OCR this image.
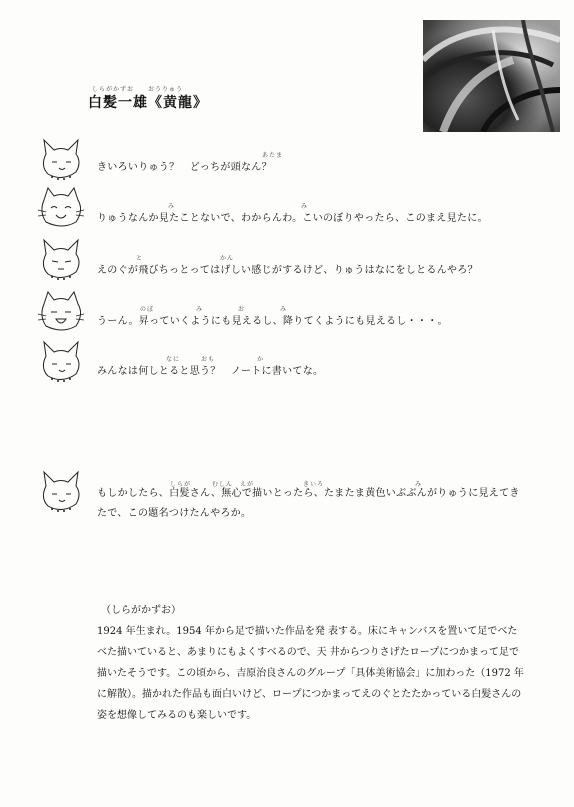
しらがかずお　　おうりゅう
白髪一雄《黄龍》
あたま
きいろいりゅう？　どっちが頭なん？
み　　　　　　　　　　　　　　　　　　み
りゅうなんか見たことないで、わからんわ。こいのぼりやったら、このまえ見たに。
と　　　　　　　　　　　かん
えのぐが飛びちっとってはげしい感じがするけど、りゅうはなにをしとるんやろ？
のぼ　　　　　　み　　　　　お　　　　　み
うーん。昇っていくようにも見えるし、降りてくようにも見えるし・・・。
なに　　　おも　　　　　　か
みんなは何しとると思う？　ノートに書いてな。
しらが　　　むしん　えが　　　　　　　きいろ　　　　　　　　　　　　　み
もしかしたら、白髪さん、無心で描いとったら、たまたま黄色いぶぶんがりゅうに見えてきたで、この題名つけたんやろか。
（しらがかずお）
1924 年生まれ。1954 年から足で描いた作品を発 表する。床にキャンバスを置いて足でべたべた描いていると、あまりにもよくすべるので、天 井からつりさげたロープにつかまって足で描いたそうです。この頃から、吉原治良さんのグループ「具体美術協会」に加わった（1972 年に解散）。描かれた作品も面白いけど、ロープにつかまってえのぐとたたかっている白髪さんの姿を想像してみるのも楽しいです。
